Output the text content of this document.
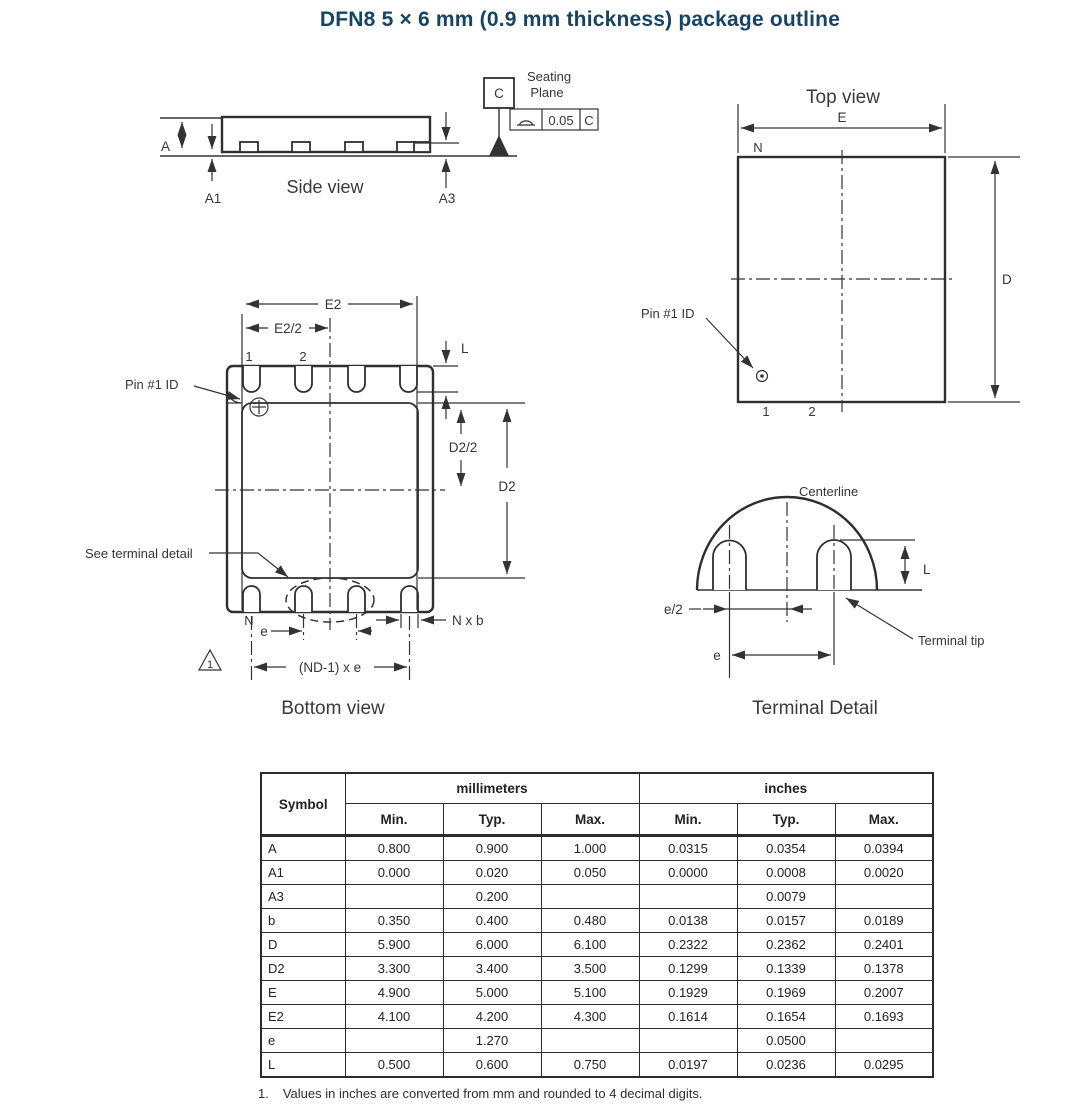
DFN8 5 × 6 mm (0.9 mm thickness) package outline
A
A1	A3
C
Seating
Plane
0.05 C
Side view
Top view
E
N
D
Pin #1 ID
1	2
1	2
E2
E2/2
Pin #1 ID
L
D2/2
D2
See terminal detail
N
e
N x b
(ND-1) x e
1
Bottom view
Centerline
L
e/2
e
Terminal tip
Terminal Detail
Symbol	millimeters			inches		
	Min.	Typ.	Max.	Min.	Typ.	Max.
A	0.800	0.900	1.000	0.0315	0.0354	0.0394
A1	0.000	0.020	0.050	0.0000	0.0008	0.0020
A3		0.200			0.0079	
b	0.350	0.400	0.480	0.0138	0.0157	0.0189
D	5.900	6.000	6.100	0.2322	0.2362	0.2401
D2	3.300	3.400	3.500	0.1299	0.1339	0.1378
E	4.900	5.000	5.100	0.1929	0.1969	0.2007
E2	4.100	4.200	4.300	0.1614	0.1654	0.1693
e		1.270			0.0500	
L	0.500	0.600	0.750	0.0197	0.0236	0.0295
1. Values in inches are converted from mm and rounded to 4 decimal digits.
